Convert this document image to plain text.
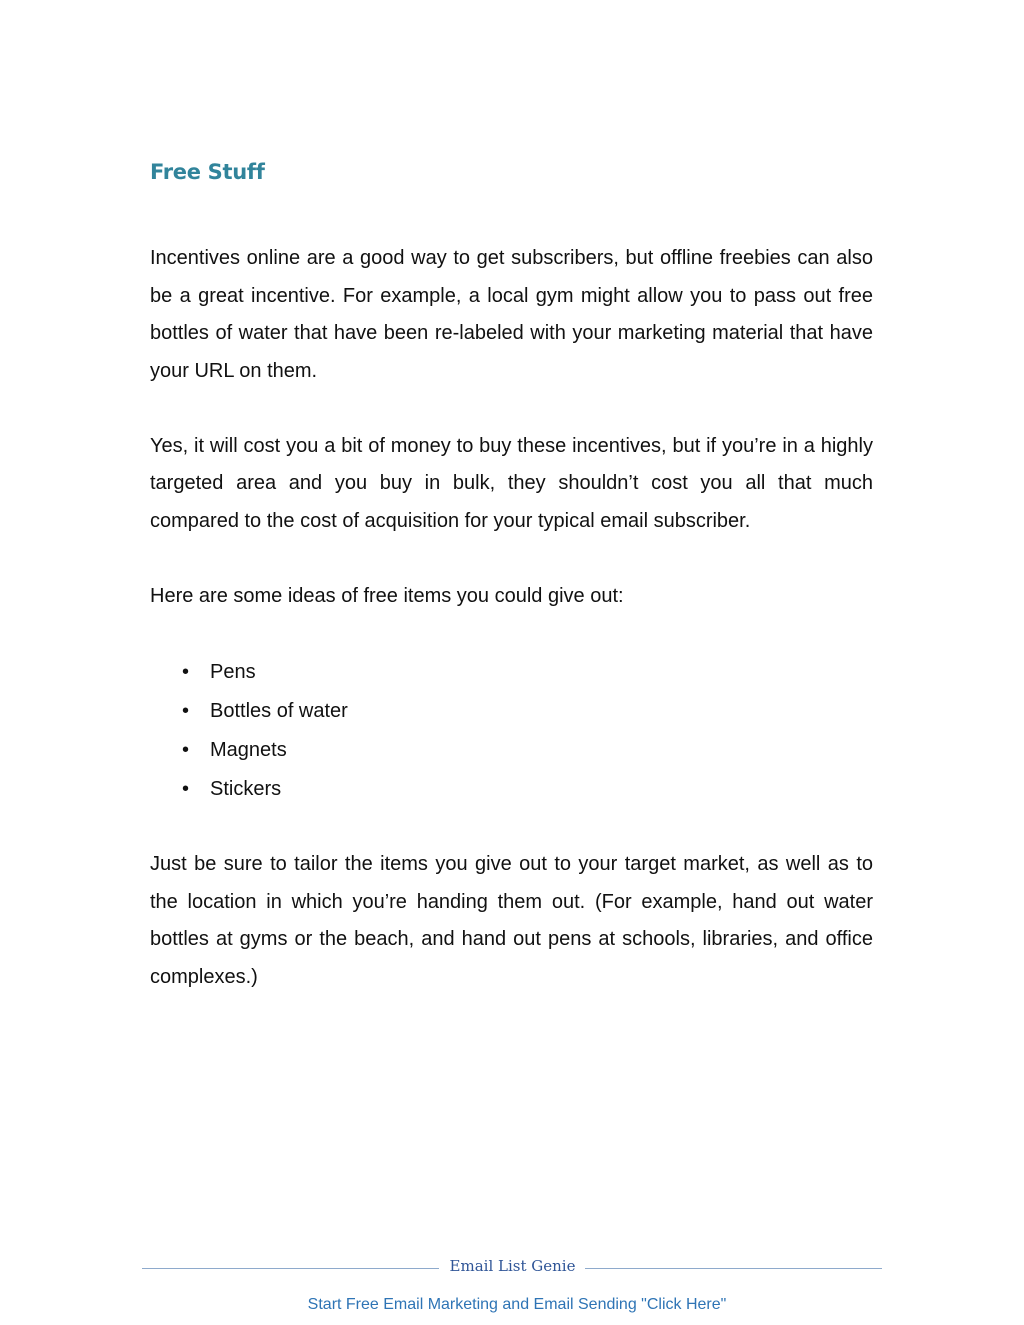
Free Stuff

Incentives online are a good way to get subscribers, but offline freebies can also be a great incentive. For example, a local gym might allow you to pass out free bottles of water that have been re-labeled with your marketing material that have your URL on them.

Yes, it will cost you a bit of money to buy these incentives, but if you’re in a highly targeted area and you buy in bulk, they shouldn’t cost you all that much compared to the cost of acquisition for your typical email subscriber.

Here are some ideas of free items you could give out:

• Pens
• Bottles of water
• Magnets
• Stickers

Just be sure to tailor the items you give out to your target market, as well as to the location in which you’re handing them out. (For example, hand out water bottles at gyms or the beach, and hand out pens at schools, libraries, and office complexes.)

Email List Genie
Start Free Email Marketing and Email Sending "Click Here"
